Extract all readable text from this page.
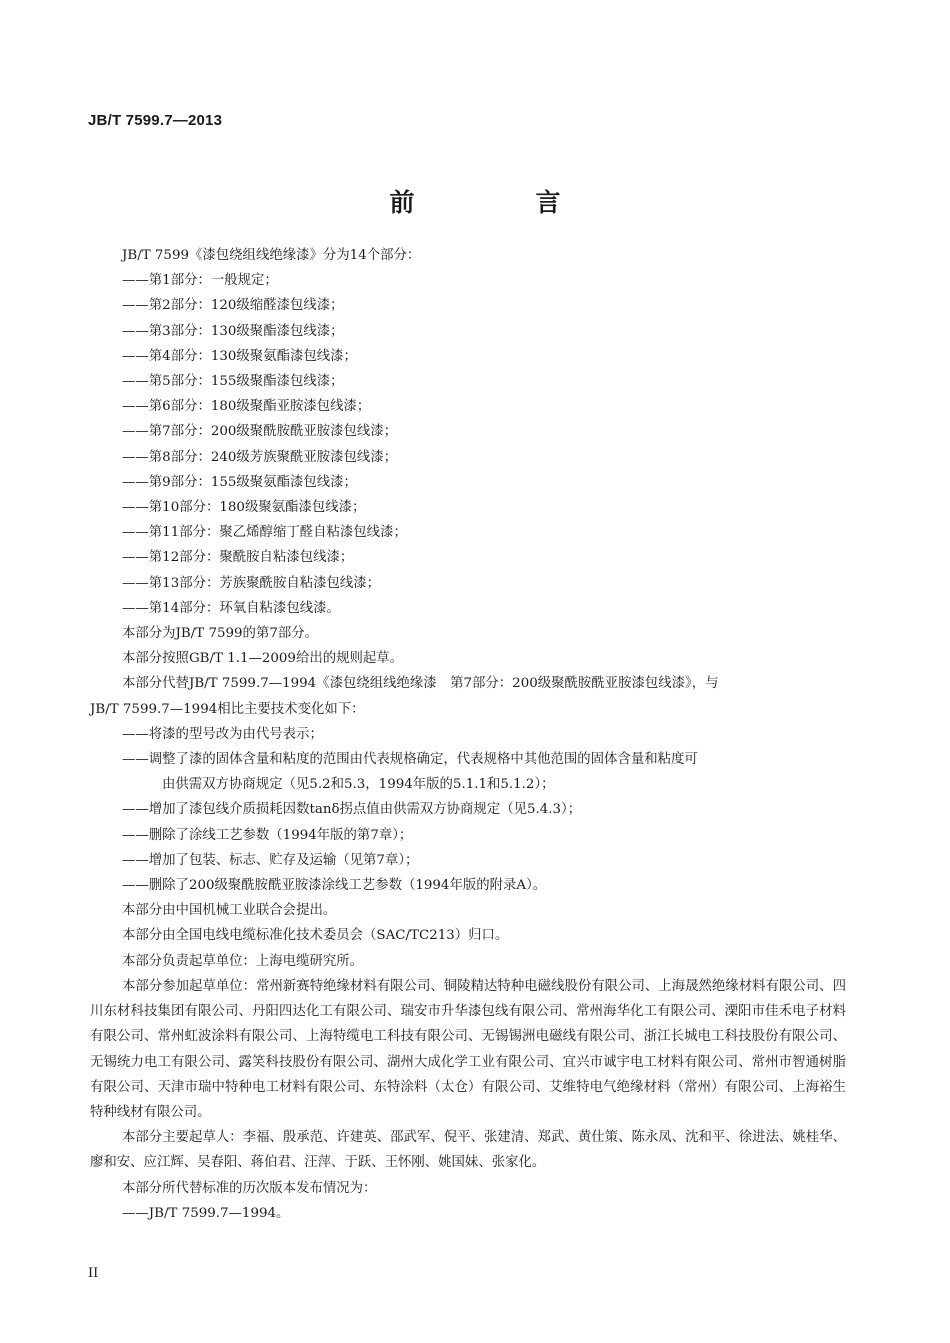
JB/T 7599.7—2013
前　言
JB/T 7599《漆包绕组线绝缘漆》分为14个部分：
——第1部分：一般规定；
——第2部分：120级缩醛漆包线漆；
——第3部分：130级聚酯漆包线漆；
——第4部分：130级聚氨酯漆包线漆；
——第5部分：155级聚酯漆包线漆；
——第6部分：180级聚酯亚胺漆包线漆；
——第7部分：200级聚酰胺酰亚胺漆包线漆；
——第8部分：240级芳族聚酰亚胺漆包线漆；
——第9部分：155级聚氨酯漆包线漆；
——第10部分：180级聚氨酯漆包线漆；
——第11部分：聚乙烯醇缩丁醛自粘漆包线漆；
——第12部分：聚酰胺自粘漆包线漆；
——第13部分：芳族聚酰胺自粘漆包线漆；
——第14部分：环氧自粘漆包线漆。
本部分为JB/T 7599的第7部分。
本部分按照GB/T 1.1—2009给出的规则起草。
本部分代替JB/T 7599.7—1994《漆包绕组线绝缘漆　第7部分：200级聚酰胺酰亚胺漆包线漆》，与
JB/T 7599.7—1994相比主要技术变化如下：
——将漆的型号改为由代号表示；
——调整了漆的固体含量和粘度的范围由代表规格确定，代表规格中其他范围的固体含量和粘度可
由供需双方协商规定（见5.2和5.3，1994年版的5.1.1和5.1.2）；
——增加了漆包线介质损耗因数tanδ拐点值由供需双方协商规定（见5.4.3）；
——删除了涂线工艺参数（1994年版的第7章）；
——增加了包装、标志、贮存及运输（见第7章）；
——删除了200级聚酰胺酰亚胺漆涂线工艺参数（1994年版的附录A）。
本部分由中国机械工业联合会提出。
本部分由全国电线电缆标准化技术委员会（SAC/TC213）归口。
本部分负责起草单位：上海电缆研究所。
本部分参加起草单位：常州新赛特绝缘材料有限公司、铜陵精达特种电磁线股份有限公司、上海晟然绝缘材料有限公司、四川东材科技集团有限公司、丹阳四达化工有限公司、瑞安市升华漆包线有限公司、常州海华化工有限公司、溧阳市佳禾电子材料有限公司、常州虹波涂料有限公司、上海特缆电工科技有限公司、无锡锡洲电磁线有限公司、浙江长城电工科技股份有限公司、无锡统力电工有限公司、露笑科技股份有限公司、湖州大成化学工业有限公司、宜兴市诚宇电工材料有限公司、常州市智通树脂有限公司、天津市瑞中特种电工材料有限公司、东特涂料（太仓）有限公司、艾维特电气绝缘材料（常州）有限公司、上海裕生特种线材有限公司。
本部分主要起草人：李福、殷承范、许建英、邵武军、倪平、张建清、郑武、黄仕策、陈永凤、沈和平、徐进法、姚桂华、廖和安、应江辉、吴春阳、蒋伯君、汪萍、于跃、王怀刚、姚国妹、张家化。
本部分所代替标准的历次版本发布情况为：
——JB/T 7599.7—1994。
II
